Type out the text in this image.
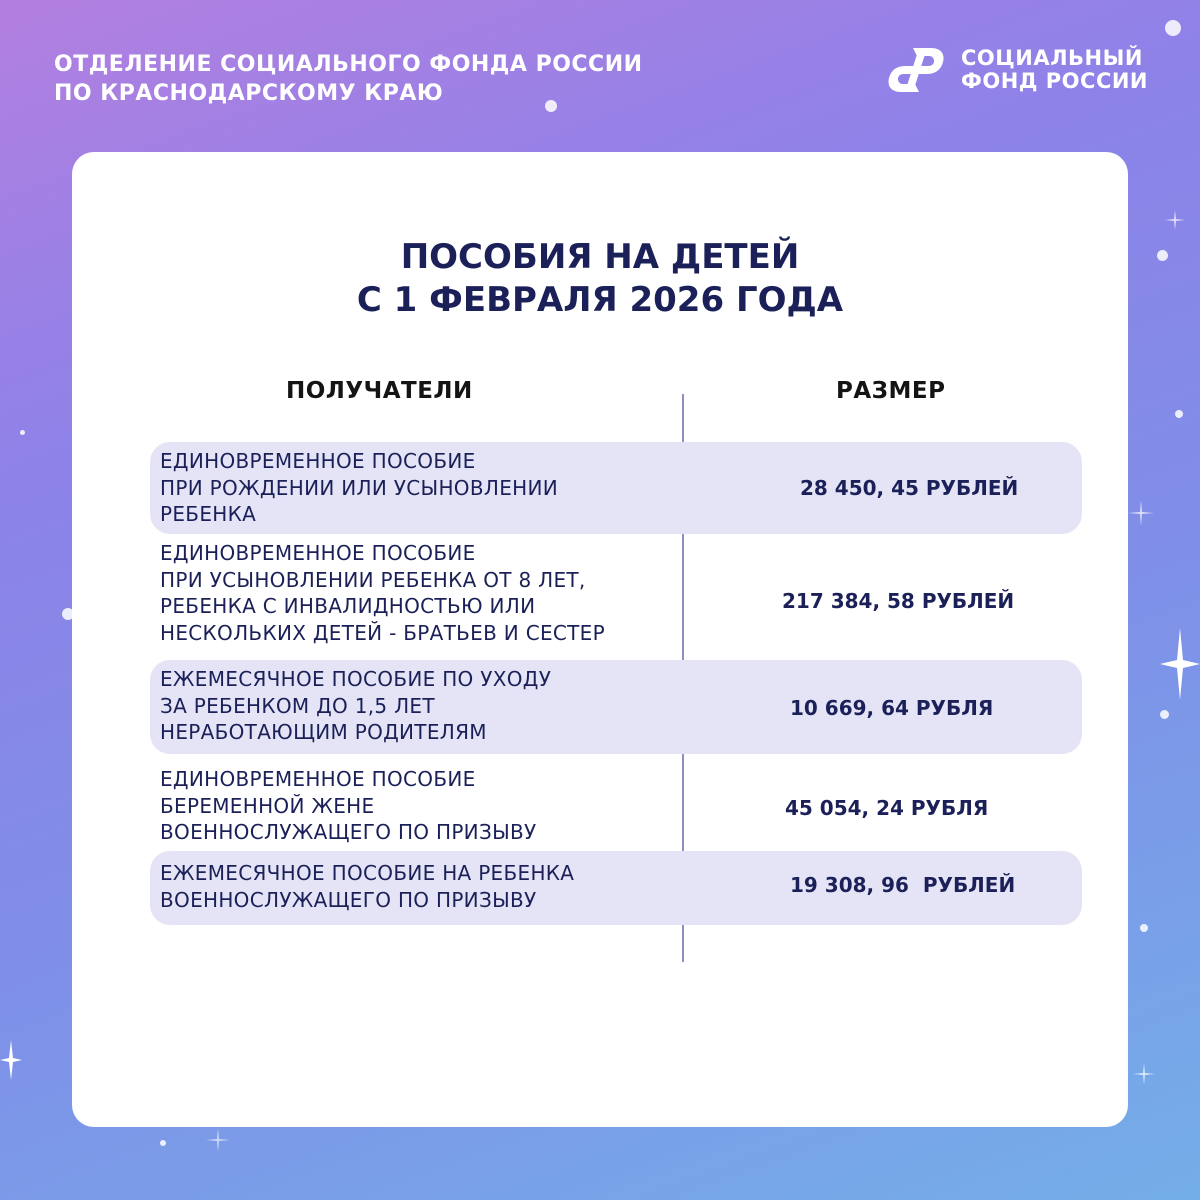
ОТДЕЛЕНИЕ СОЦИАЛЬНОГО ФОНДА РОССИИ
ПО КРАСНОДАРСКОМУ КРАЮ
СОЦИАЛЬНЫЙ
ФОНД РОССИИ
ПОСОБИЯ НА ДЕТЕЙ
С 1 ФЕВРАЛЯ 2026 ГОДА
ПОЛУЧАТЕЛИ	РАЗМЕР
ЕДИНОВРЕМЕННОЕ ПОСОБИЕ
ПРИ РОЖДЕНИИ ИЛИ УСЫНОВЛЕНИИ
РЕБЕНКА
28 450, 45 РУБЛЕЙ
ЕДИНОВРЕМЕННОЕ ПОСОБИЕ
ПРИ УСЫНОВЛЕНИИ РЕБЕНКА ОТ 8 ЛЕТ,
РЕБЕНКА С ИНВАЛИДНОСТЬЮ ИЛИ
НЕСКОЛЬКИХ ДЕТЕЙ - БРАТЬЕВ И СЕСТЕР
217 384, 58 РУБЛЕЙ
ЕЖЕМЕСЯЧНОЕ ПОСОБИЕ ПО УХОДУ
ЗА РЕБЕНКОМ ДО 1,5 ЛЕТ
НЕРАБОТАЮЩИМ РОДИТЕЛЯМ
10 669, 64 РУБЛЯ
ЕДИНОВРЕМЕННОЕ ПОСОБИЕ
БЕРЕМЕННОЙ ЖЕНЕ
ВОЕННОСЛУЖАЩЕГО ПО ПРИЗЫВУ
45 054, 24 РУБЛЯ
ЕЖЕМЕСЯЧНОЕ ПОСОБИЕ НА РЕБЕНКА
ВОЕННОСЛУЖАЩЕГО ПО ПРИЗЫВУ
19 308, 96  РУБЛЕЙ
